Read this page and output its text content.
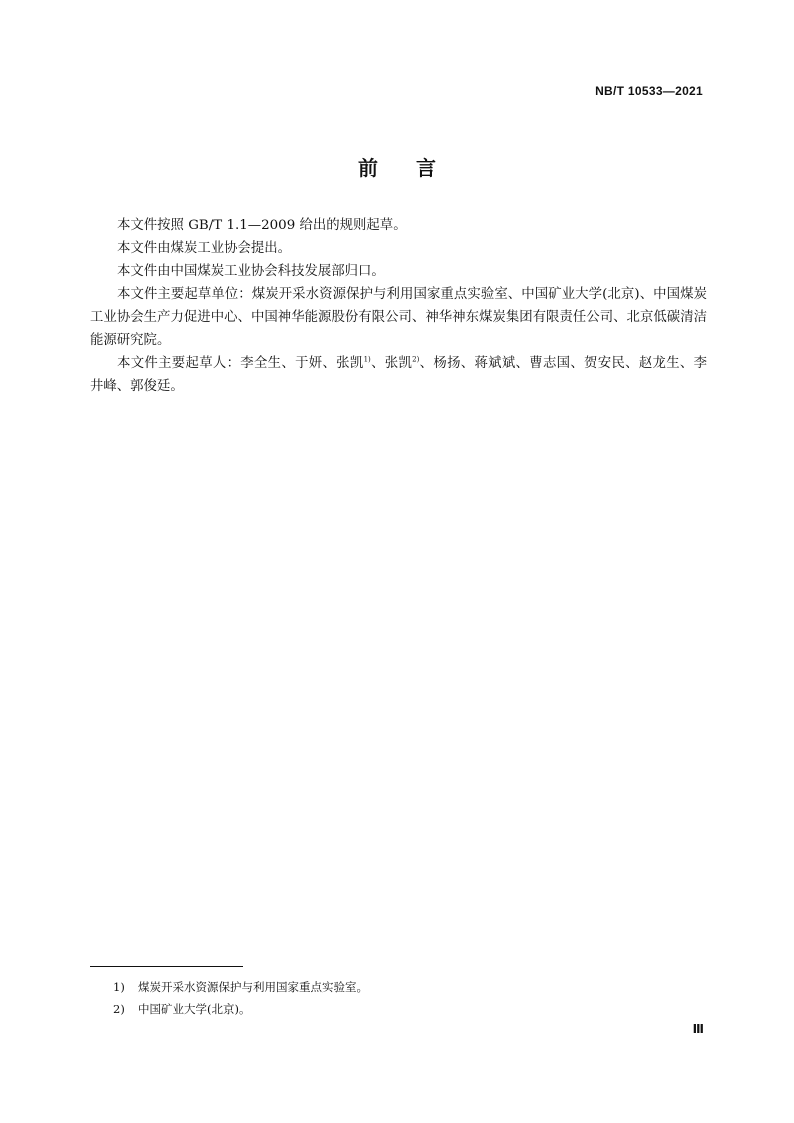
NB/T 10533—2021
前言

本文件按照 GB/T 1.1—2009 给出的规则起草。

本文件由煤炭工业协会提出。

本文件由中国煤炭工业协会科技发展部归口。

本文件主要起草单位：煤炭开采水资源保护与利用国家重点实验室、中国矿业大学(北京)、中国煤炭工业协会生产力促进中心、中国神华能源股份有限公司、神华神东煤炭集团有限责任公司、北京低碳清洁能源研究院。

本文件主要起草人：李全生、于妍、张凯$^{1)}$、张凯$^{2)}$、杨扬、蒋斌斌、曹志国、贺安民、赵龙生、李井峰、郭俊廷。

1)	煤炭开采水资源保护与利用国家重点实验室。
2)	中国矿业大学(北京)。
Ⅲ
